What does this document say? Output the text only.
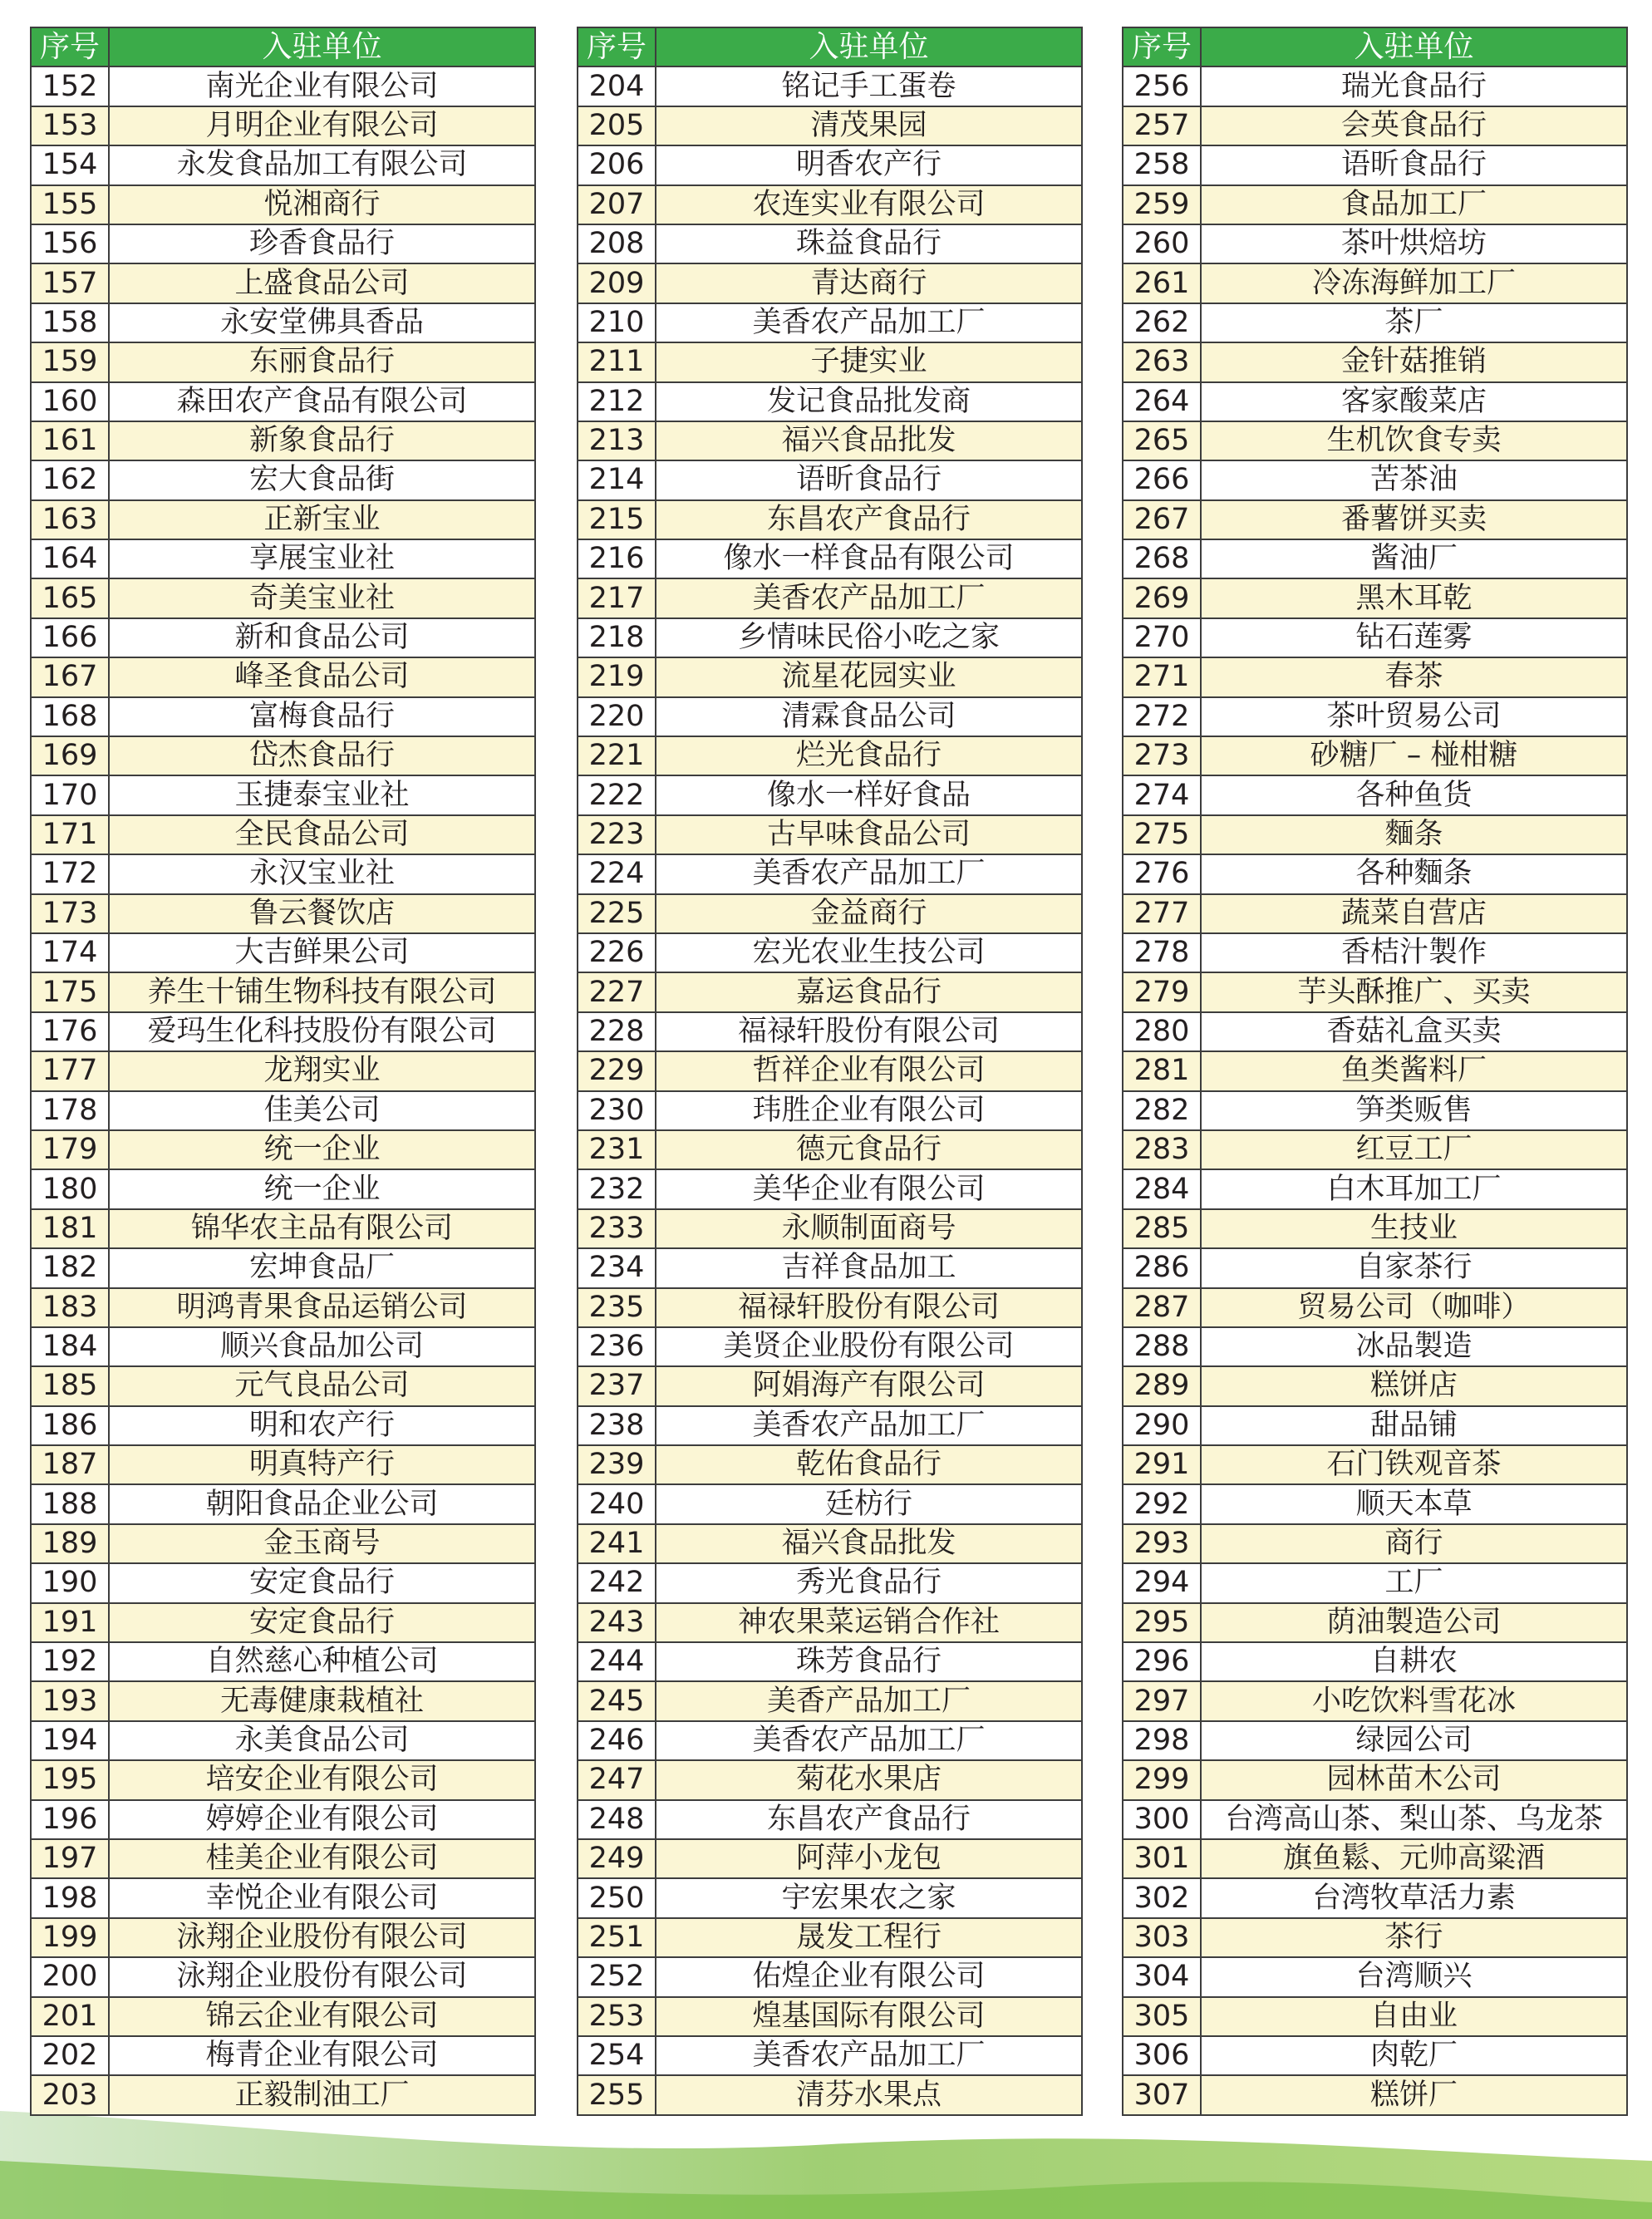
序号	入驻单位
152	南光企业有限公司
153	月明企业有限公司
154	永发食品加工有限公司
155	悦湘商行
156	珍香食品行
157	上盛食品公司
158	永安堂佛具香品
159	东丽食品行
160	森田农产食品有限公司
161	新象食品行
162	宏大食品街
163	正新宝业
164	享展宝业社
165	奇美宝业社
166	新和食品公司
167	峰圣食品公司
168	富梅食品行
169	岱杰食品行
170	玉捷泰宝业社
171	全民食品公司
172	永汉宝业社
173	鲁云餐饮店
174	大吉鲜果公司
175	养生十铺生物科技有限公司
176	爱玛生化科技股份有限公司
177	龙翔实业
178	佳美公司
179	统一企业
180	统一企业
181	锦华农主品有限公司
182	宏坤食品厂
183	明鸿青果食品运销公司
184	顺兴食品加公司
185	元气良品公司
186	明和农产行
187	明真特产行
188	朝阳食品企业公司
189	金玉商号
190	安定食品行
191	安定食品行
192	自然慈心种植公司
193	无毒健康栽植社
194	永美食品公司
195	培安企业有限公司
196	婷婷企业有限公司
197	桂美企业有限公司
198	幸悦企业有限公司
199	泳翔企业股份有限公司
200	泳翔企业股份有限公司
201	锦云企业有限公司
202	梅青企业有限公司
203	正毅制油工厂
序号	入驻单位
204	铭记手工蛋卷
205	清茂果园
206	明香农产行
207	农连实业有限公司
208	珠益食品行
209	青达商行
210	美香农产品加工厂
211	子捷实业
212	发记食品批发商
213	福兴食品批发
214	语昕食品行
215	东昌农产食品行
216	像水一样食品有限公司
217	美香农产品加工厂
218	乡情味民俗小吃之家
219	流星花园实业
220	清霖食品公司
221	烂光食品行
222	像水一样好食品
223	古早味食品公司
224	美香农产品加工厂
225	金益商行
226	宏光农业生技公司
227	嘉运食品行
228	福禄轩股份有限公司
229	哲祥企业有限公司
230	玮胜企业有限公司
231	德元食品行
232	美华企业有限公司
233	永顺制面商号
234	吉祥食品加工
235	福禄轩股份有限公司
236	美贤企业股份有限公司
237	阿娟海产有限公司
238	美香农产品加工厂
239	乾佑食品行
240	廷枋行
241	福兴食品批发
242	秀光食品行
243	神农果菜运销合作社
244	珠芳食品行
245	美香产品加工厂
246	美香农产品加工厂
247	菊花水果店
248	东昌农产食品行
249	阿萍小龙包
250	宇宏果农之家
251	晟发工程行
252	佑煌企业有限公司
253	煌基国际有限公司
254	美香农产品加工厂
255	清芬水果点
序号	入驻单位
256	瑞光食品行
257	会英食品行
258	语昕食品行
259	食品加工厂
260	茶叶烘焙坊
261	冷冻海鲜加工厂
262	茶厂
263	金针菇推销
264	客家酸菜店
265	生机饮食专卖
266	苦茶油
267	番薯饼买卖
268	酱油厂
269	黑木耳乾
270	钻石莲雾
271	春茶
272	茶叶贸易公司
273	砂糖厂 – 椪柑糖
274	各种鱼货
275	麵条
276	各种麵条
277	蔬菜自营店
278	香桔汁製作
279	芋头酥推广、买卖
280	香菇礼盒买卖
281	鱼类酱料厂
282	笋类贩售
283	红豆工厂
284	白木耳加工厂
285	生技业
286	自家茶行
287	贸易公司（咖啡）
288	冰品製造
289	糕饼店
290	甜品铺
291	石门铁观音茶
292	顺天本草
293	商行
294	工厂
295	荫油製造公司
296	自耕农
297	小吃饮料雪花冰
298	绿园公司
299	园林苗木公司
300	台湾高山茶、梨山茶、乌龙茶
301	旗鱼鬆、元帅高粱酒
302	台湾牧草活力素
303	茶行
304	台湾顺兴
305	自由业
306	肉乾厂
307	糕饼厂
